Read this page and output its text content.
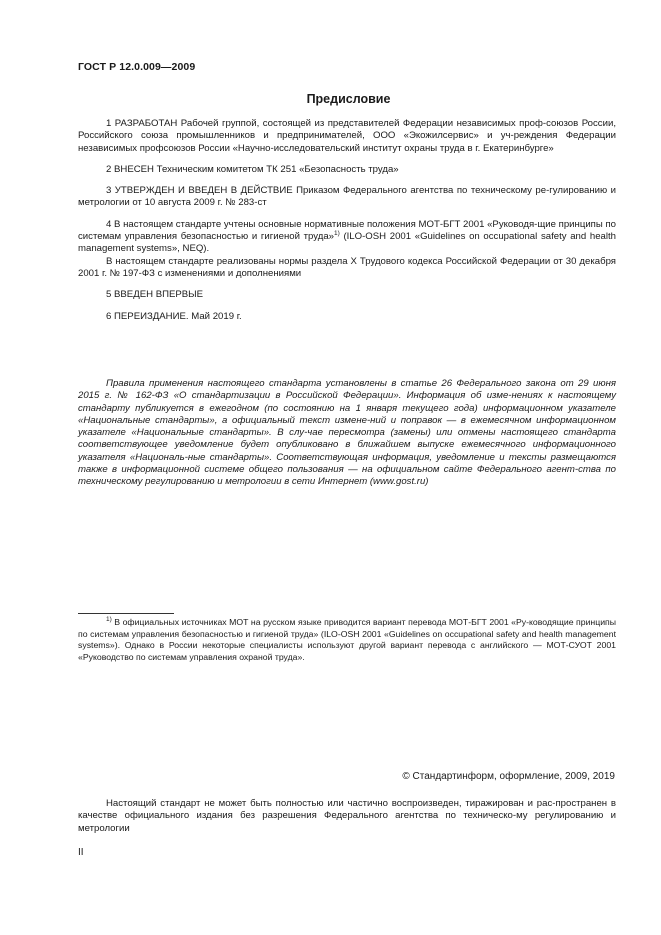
ГОСТ Р 12.0.009—2009
Предисловие

1 РАЗРАБОТАН Рабочей группой, состоящей из представителей Федерации независимых проф-союзов России, Российского союза промышленников и предпринимателей, ООО «Экожилсервис» и уч-реждения Федерации независимых профсоюзов России «Научно-исследовательский институт охраны труда в г. Екатеринбурге»

2 ВНЕСЕН Техническим комитетом ТК 251 «Безопасность труда»

3 УТВЕРЖДЕН И ВВЕДЕН В ДЕЙСТВИЕ Приказом Федерального агентства по техническому ре-гулированию и метрологии от 10 августа 2009 г. № 283-ст

4 В настоящем стандарте учтены основные нормативные положения МОТ-БГТ 2001 «Руководя-щие принципы по системам управления безопасностью и гигиеной труда»$^{1)}$ (ILO-OSH 2001 «Guidelines on occupational safety and health management systems», NEQ).

В настоящем стандарте реализованы нормы раздела X Трудового кодекса Российской Федерации от 30 декабря 2001 г. № 197-ФЗ с изменениями и дополнениями

5 ВВЕДЕН ВПЕРВЫЕ

6 ПЕРЕИЗДАНИЕ. Май 2019 г.

Правила применения настоящего стандарта установлены в статье 26 Федерального закона от 29 июня 2015 г. № 162-ФЗ «О стандартизации в Российской Федерации». Информация об изме-нениях к настоящему стандарту публикуется в ежегодном (по состоянию на 1 января текущего года) информационном указателе «Национальные стандарты», а официальный текст измене-ний и поправок — в ежемесячном информационном указателе «Национальные стандарты». В слу-чае пересмотра (замены) или отмены настоящего стандарта соответствующее уведомление будет опубликовано в ближайшем выпуске ежемесячного информационного указателя «Националь-ные стандарты». Соответствующая информация, уведомление и тексты размещаются также в информационной системе общего пользования — на официальном сайте Федерального агент-ства по техническому регулированию и метрологии в сети Интернет (www.gost.ru)

$^{1)}$ В официальных источниках МОТ на русском языке приводится вариант перевода МОТ-БГТ 2001 «Ру-ководящие принципы по системам управления безопасностью и гигиеной труда» (ILO-OSH 2001 «Guidelines on occupational safety and health management systems»). Однако в России некоторые специалисты используют другой вариант перевода с английского — МОТ-СУОТ 2001 «Руководство по системам управления охраной труда».

© Стандартинформ, оформление, 2009, 2019

Настоящий стандарт не может быть полностью или частично воспроизведен, тиражирован и рас-пространен в качестве официального издания без разрешения Федерального агентства по техническо-му регулированию и метрологии

II
